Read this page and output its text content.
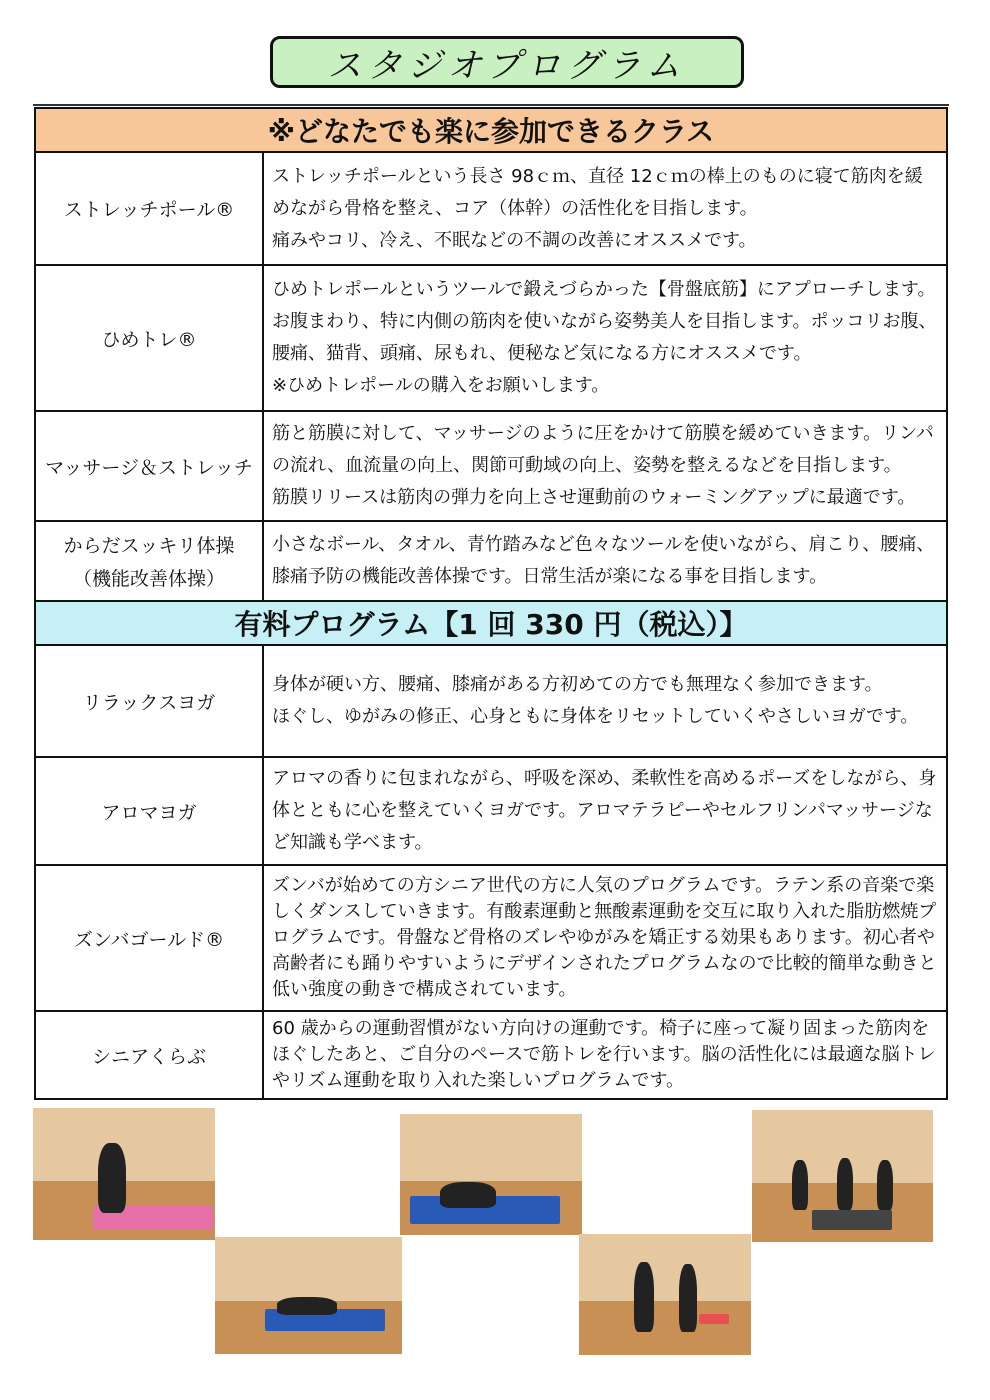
スタジオプログラム
※どなたでも楽に参加できるクラス	
ストレッチポール®	ストレッチポールという長さ 98ｃｍ、直径 12ｃｍの棒上のものに寝て筋肉を緩めながら骨格を整え、コア（体幹）の活性化を目指します。

痛みやコリ、冷え、不眠などの不調の改善にオススメです。

ひめトレ®	ひめトレポールというツールで鍛えづらかった【骨盤底筋】にアプローチします。お腹まわり、特に内側の筋肉を使いながら姿勢美人を目指します。ポッコリお腹、腰痛、猫背、頭痛、尿もれ、便秘など気になる方にオススメです。

※ひめトレポールの購入をお願いします。

マッサージ＆ストレッチ	筋と筋膜に対して、マッサージのように圧をかけて筋膜を緩めていきます。リンパの流れ、血流量の向上、関節可動域の向上、姿勢を整えるなどを目指します。

筋膜リリースは筋肉の弾力を向上させ運動前のウォーミングアップに最適です。

からだスッキリ体操
（機能改善体操）	小さなボール、タオル、青竹踏みなど色々なツールを使いながら、肩こり、腰痛、膝痛予防の機能改善体操です。日常生活が楽になる事を目指します。

有料プログラム【1 回 330 円（税込）】	
リラックスヨガ	身体が硬い方、腰痛、膝痛がある方初めての方でも無理なく参加できます。

ほぐし、ゆがみの修正、心身ともに身体をリセットしていくやさしいヨガです。

アロマヨガ	アロマの香りに包まれながら、呼吸を深め、柔軟性を高めるポーズをしながら、身体とともに心を整えていくヨガです。アロマテラピーやセルフリンパマッサージなど知識も学べます。

ズンバゴールド®	ズンバが始めての方シニア世代の方に人気のプログラムです。ラテン系の音楽で楽しくダンスしていきます。有酸素運動と無酸素運動を交互に取り入れた脂肪燃焼プログラムです。骨盤など骨格のズレやゆがみを矯正する効果もあります。初心者や高齢者にも踊りやすいようにデザインされたプログラムなので比較的簡単な動きと低い強度の動きで構成されています。

シニアくらぶ	60 歳からの運動習慣がない方向けの運動です。椅子に座って凝り固まった筋肉をほぐしたあと、ご自分のペースで筋トレを行います。脳の活性化には最適な脳トレやリズム運動を取り入れた楽しいプログラムです。
